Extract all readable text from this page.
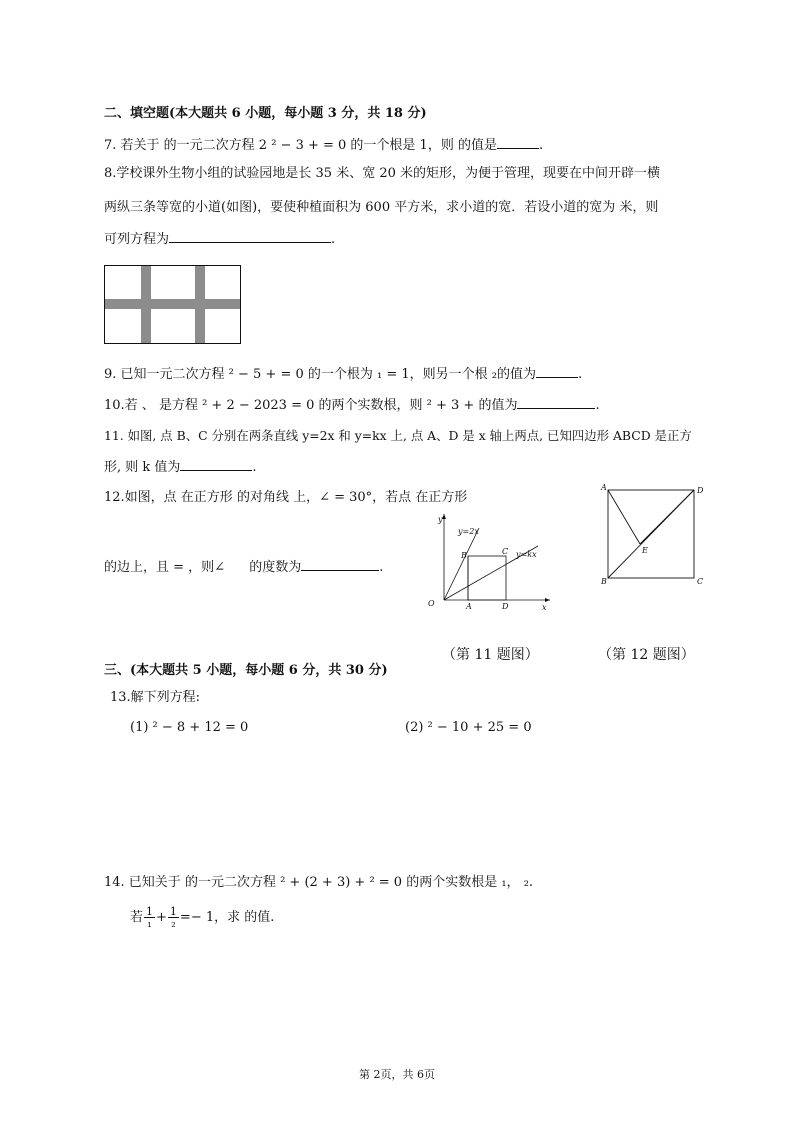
二、填空题(本大题共 6 小题，每小题 3 分，共 18 分)
7. 若关于 的一元二次方程 2 ² − 3 + = 0 的一个根是 1，则 的值是	.
8.学校课外生物小组的试验园地是长 35 米、宽 20 米的矩形，为便于管理，现要在中间开辟一横
两纵三条等宽的小道(如图)，要使种植面积为 600 平方米，求小道的宽．若设小道的宽为 米，则
可列方程为	.
9. 已知一元二次方程 ² − 5 + = 0 的一个根为 ₁ = 1，则另一个根 ₂的值为	.
10.若 、 是方程 ² + 2 − 2023 = 0 的两个实数根，则 ² + 3 + 的值为	.
11. 如图, 点 B、C 分别在两条直线 y=2x 和 y=kx 上, 点 A、D 是 x 轴上两点, 已知四边形 ABCD 是正方
形, 则 k 值为	.
12.如图，点 在正方形 的对角线 上，∠ = 30°，若点 在正方形
的边上，且 = ，则∠ 的度数为	.
y
x
O
y=2x
y=kx
B	C
A	D
A	D
B	C
E
（第 11 题图）	（第 12 题图）
三、(本大题共 5 小题，每小题 6 分，共 30 分)
13.解下列方程:
(1) ² − 8 + 12 = 0	(2) ² − 10 + 25 = 0
14. 已知关于 的一元二次方程 ² + (2 + 3) + ² = 0 的两个实数根是 ₁， ₂.
若 $\frac{1}{\text{₁}} + \frac{1}{\text{₂}} =- 1$，求 的值.
第 2页，共 6页
